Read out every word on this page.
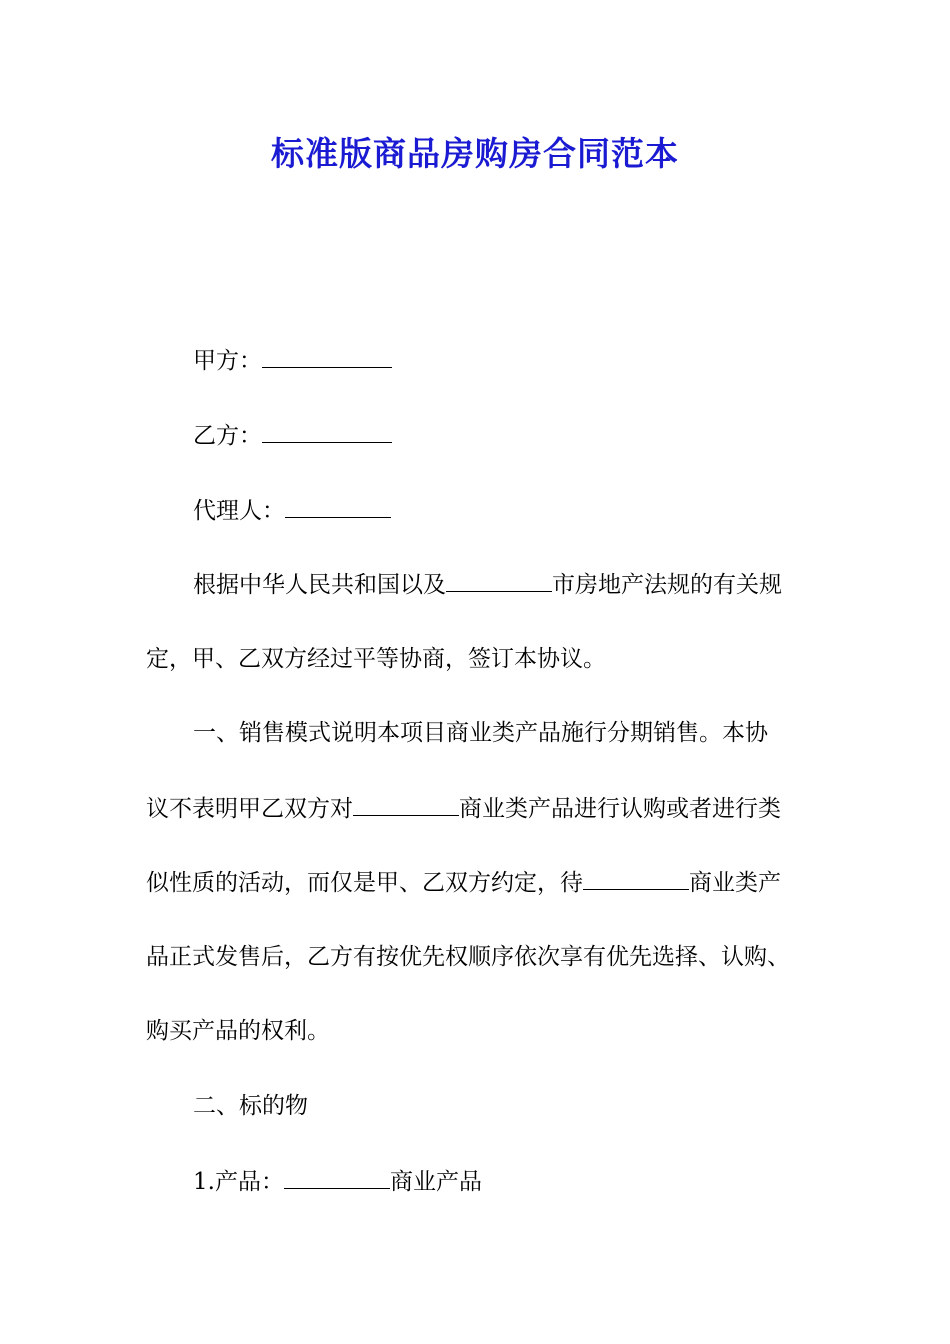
标准版商品房购房合同范本
甲方：
乙方：
代理人：
根据中华人民共和国以及	市房地产法规的有关规
定，甲、乙双方经过平等协商，签订本协议。
一、销售模式说明本项目商业类产品施行分期销售。本协
议不表明甲乙双方对	商业类产品进行认购或者进行类
似性质的活动，而仅是甲、乙双方约定，待	商业类产
品正式发售后，乙方有按优先权顺序依次享有优先选择、认购、
购买产品的权利。
二、标的物
1.产品：	商业产品
